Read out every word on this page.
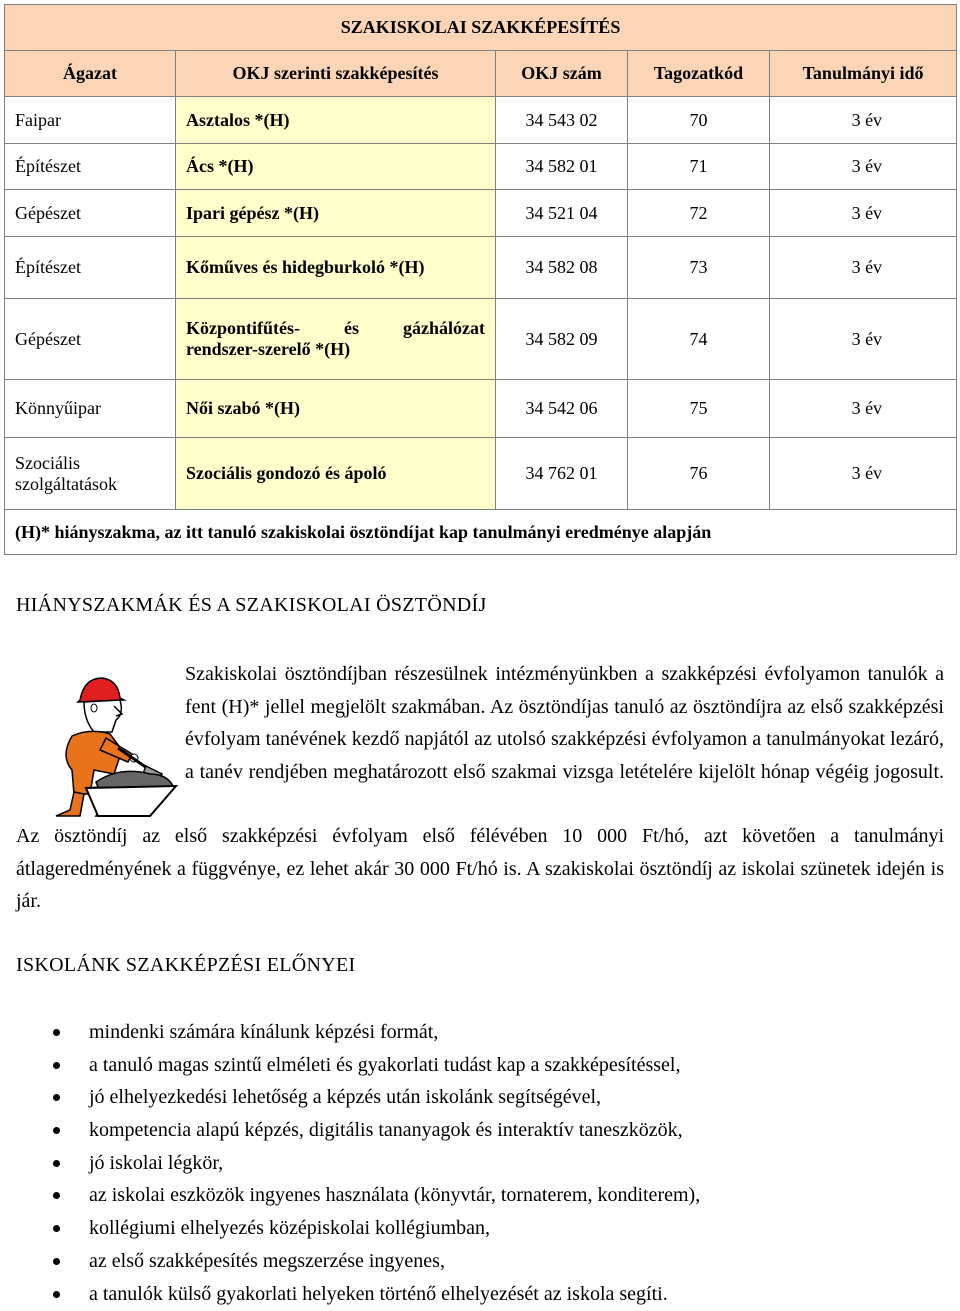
SZAKISKOLAI SZAKKÉPESÍTÉS				
Ágazat	OKJ szerinti szakképesítés	OKJ szám	Tagozatkód	Tanulmányi idő
Faipar	Asztalos *(H)	34 543 02	70	3 év
Építészet	Ács *(H)	34 582 01	71	3 év
Gépészet	Ipari gépész *(H)	34 521 04	72	3 év
Építészet	Kőműves és hidegburkoló *(H)	34 582 08	73	3 év
Gépészet	Központifűtés- és gázhálózat
rendszer-szerelő *(H)	34 582 09	74	3 év
Könnyűipar	Női szabó *(H)	34 542 06	75	3 év

Szociális
szolgáltatások	Szociális gondozó és ápoló	34 762 01	76	3 év
(H)* hiányszakma, az itt tanuló szakiskolai ösztöndíjat kap tanulmányi eredménye alapján				
HIÁNYSZAKMÁK ÉS A SZAKISKOLAI ÖSZTÖNDÍJ

Szakiskolai ösztöndíjban részesülnek intézményünkben a szakképzési évfolyamon tanulók a fent (H)* jellel megjelölt szakmában. Az ösztöndíjas tanuló az ösztöndíjra az első szakképzési évfolyam tanévének kezdő napjától az utolsó szakképzési évfolyamon a tanulmányokat lezáró, a tanév rendjében meghatározott első szakmai vizsga letételére kijelölt hónap végéig jogosult.

Az ösztöndíj az első szakképzési évfolyam első félévében 10 000 Ft/hó, azt követően a tanulmányi átlageredményének a függvénye, ez lehet akár 30 000 Ft/hó is. A szakiskolai ösztöndíj az iskolai szünetek idején is jár.

ISKOLÁNK SZAKKÉPZÉSI ELŐNYEI
mindenki számára kínálunk képzési formát,
a tanuló magas szintű elméleti és gyakorlati tudást kap a szakképesítéssel,
jó elhelyezkedési lehetőség a képzés után iskolánk segítségével,
kompetencia alapú képzés, digitális tananyagok és interaktív taneszközök,
jó iskolai légkör,
az iskolai eszközök ingyenes használata (könyvtár, tornaterem, konditerem),
kollégiumi elhelyezés középiskolai kollégiumban,
az első szakképesítés megszerzése ingyenes,
a tanulók külső gyakorlati helyeken történő elhelyezését az iskola segíti.
